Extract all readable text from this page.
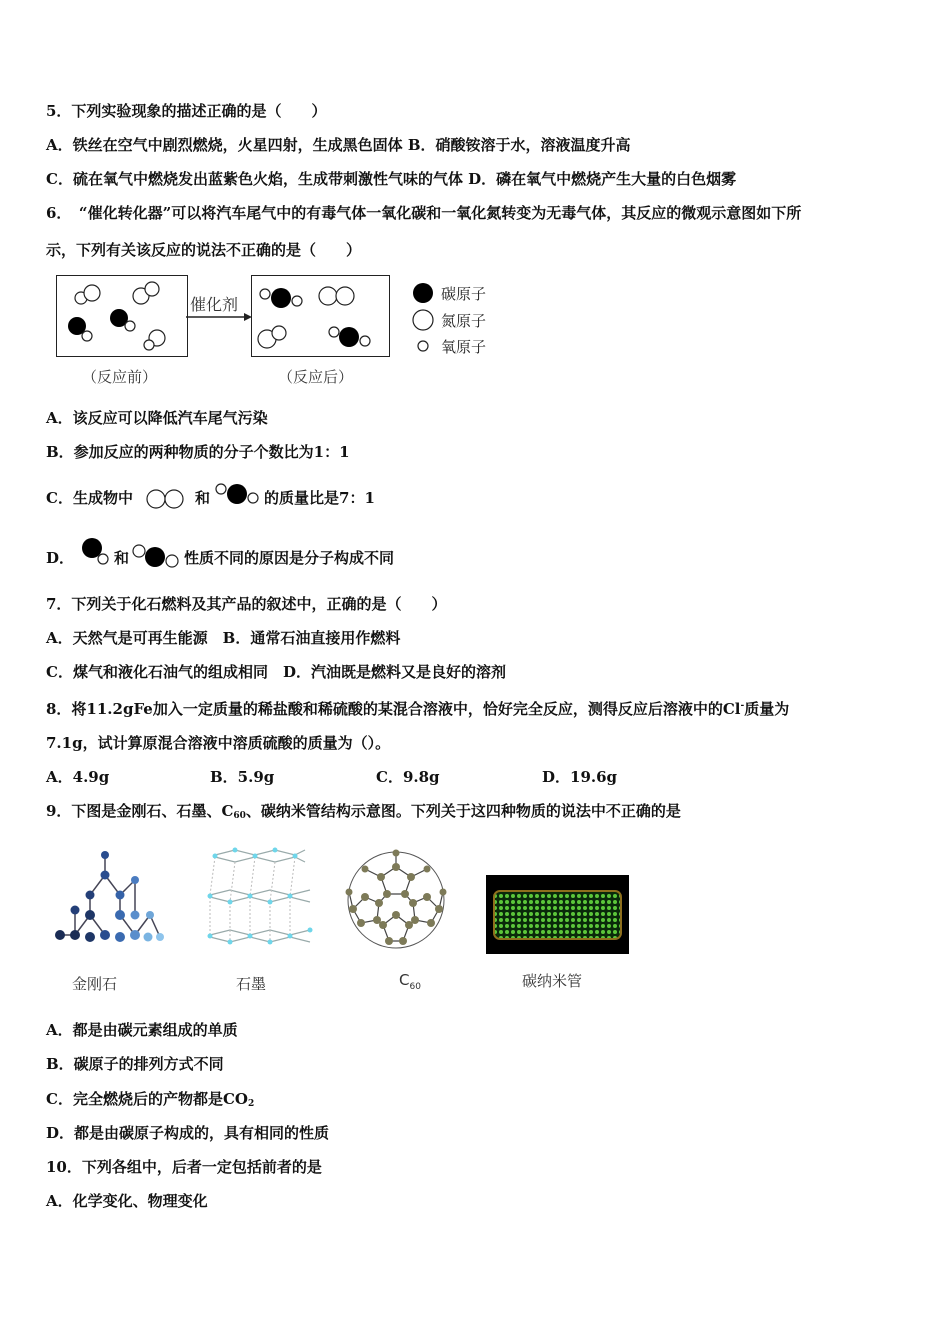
5．下列实验现象的描述正确的是（　　）
A．铁丝在空气中剧烈燃烧，火星四射，生成黑色固体 B．硝酸铵溶于水，溶液温度升高
C．硫在氧气中燃烧发出蓝紫色火焰，生成带刺激性气味的气体 D．磷在氧气中燃烧产生大量的白色烟雾
6．　“催化转化器”可以将汽车尾气中的有毒气体一氧化碳和一氧化氮转变为无毒气体，其反应的微观示意图如下所
示，下列有关该反应的说法不正确的是（　　）
催化剂
（反应前）	（反应后）
碳原子
氮原子
氧原子
A．该反应可以降低汽车尾气污染
B．参加反应的两种物质的分子个数比为1：1
C．生成物中	和	的质量比是7：1
D．	和	性质不同的原因是分子构成不同
7．下列关于化石燃料及其产品的叙述中，正确的是（　　）
A．天然气是可再生能源　B．通常石油直接用作燃料
C．煤气和液化石油气的组成相同　D．汽油既是燃料又是良好的溶剂
8．将11.2gFe加入一定质量的稀盐酸和稀硫酸的某混合溶液中，恰好完全反应，测得反应后溶液中的Cl-质量为
7.1g，试计算原混合溶液中溶质硫酸的质量为（）。
A．4.9g	B．5.9g	C．9.8g	D．19.6g
9．下图是金刚石、石墨、$C_{60}$、碳纳米管结构示意图。下列关于这四种物质的说法中不正确的是
金刚石	石墨	$C_{60}$	碳纳米管
A．都是由碳元素组成的单质
B．碳原子的排列方式不同
C．完全燃烧后的产物都是$CO_2$
D．都是由碳原子构成的，具有相同的性质
10．下列各组中，后者一定包括前者的是
A．化学变化、物理变化
